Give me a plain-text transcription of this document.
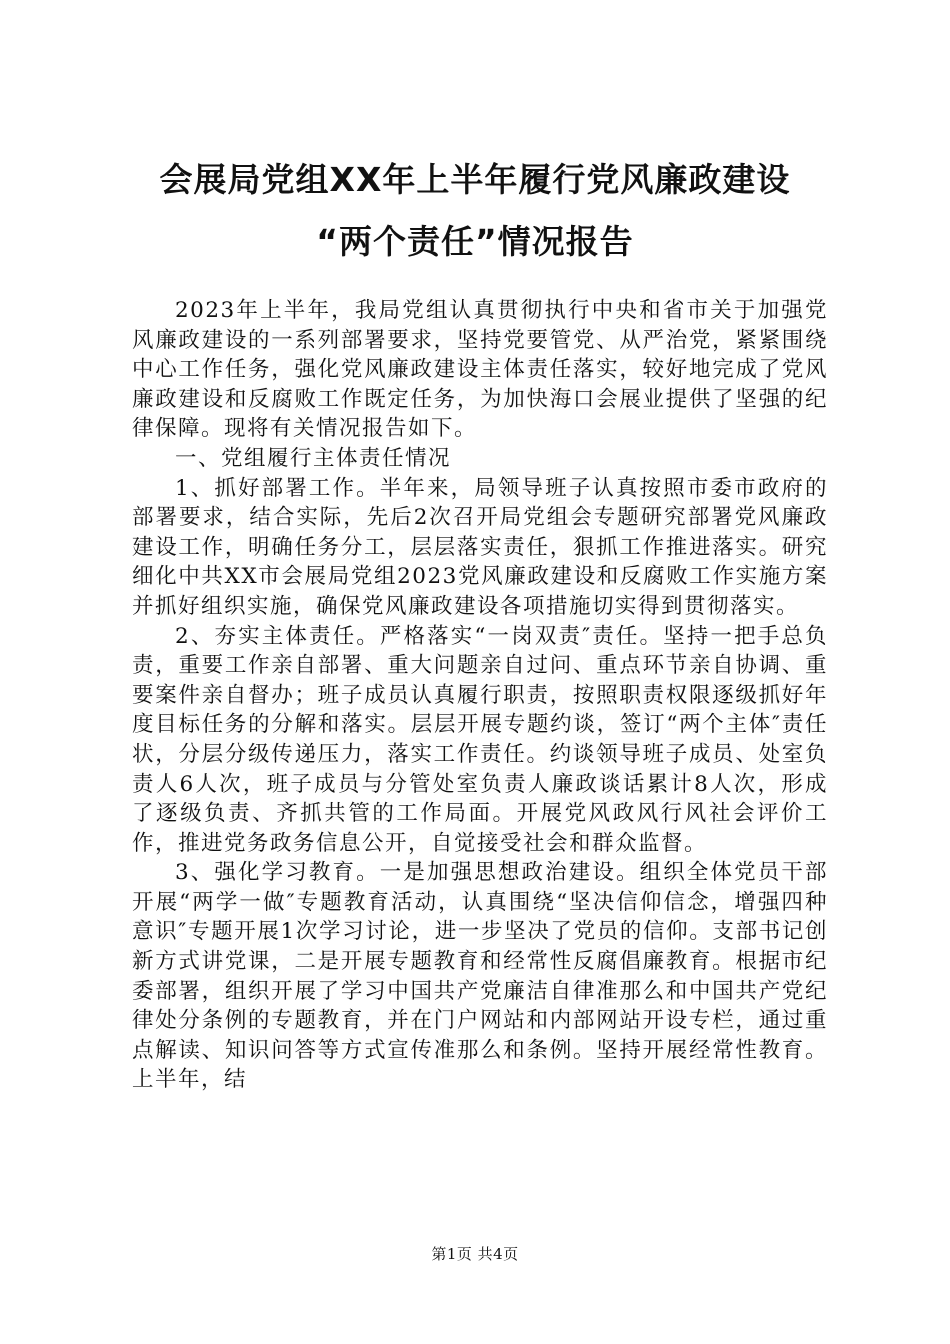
会展局党组XX年上半年履行党风廉政建设
“两个责任”情况报告

2023年上半年，我局党组认真贯彻执行中央和省市关于加强党风廉政建设的一系列部署要求，坚持党要管党、从严治党，紧紧围绕中心工作任务，强化党风廉政建设主体责任落实，较好地完成了党风廉政建设和反腐败工作既定任务，为加快海口会展业提供了坚强的纪律保障。现将有关情况报告如下。

一、党组履行主体责任情况

1、抓好部署工作。半年来，局领导班子认真按照市委市政府的部署要求，结合实际，先后2次召开局党组会专题研究部署党风廉政建设工作，明确任务分工，层层落实责任，狠抓工作推进落实。研究细化中共XX市会展局党组2023党风廉政建设和反腐败工作实施方案并抓好组织实施，确保党风廉政建设各项措施切实得到贯彻落实。

2、夯实主体责任。严格落实“一岗双责″责任。坚持一把手总负责，重要工作亲自部署、重大问题亲自过问、重点环节亲自协调、重要案件亲自督办；班子成员认真履行职责，按照职责权限逐级抓好年度目标任务的分解和落实。层层开展专题约谈，签订“两个主体″责任状，分层分级传递压力，落实工作责任。约谈领导班子成员、处室负责人6人次，班子成员与分管处室负责人廉政谈话累计8人次，形成了逐级负责、齐抓共管的工作局面。开展党风政风行风社会评价工作，推进党务政务信息公开，自觉接受社会和群众监督。

3、强化学习教育。一是加强思想政治建设。组织全体党员干部开展“两学一做″专题教育活动，认真围绕“坚决信仰信念，增强四种意识″专题开展1次学习讨论，进一步坚决了党员的信仰。支部书记创新方式讲党课，二是开展专题教育和经常性反腐倡廉教育。根据市纪委部署，组织开展了学习中国共产党廉洁自律准那么和中国共产党纪律处分条例的专题教育，并在门户网站和内部网站开设专栏，通过重点解读、知识问答等方式宣传准那么和条例。坚持开展经常性教育。上半年，结

第1页 共4页
